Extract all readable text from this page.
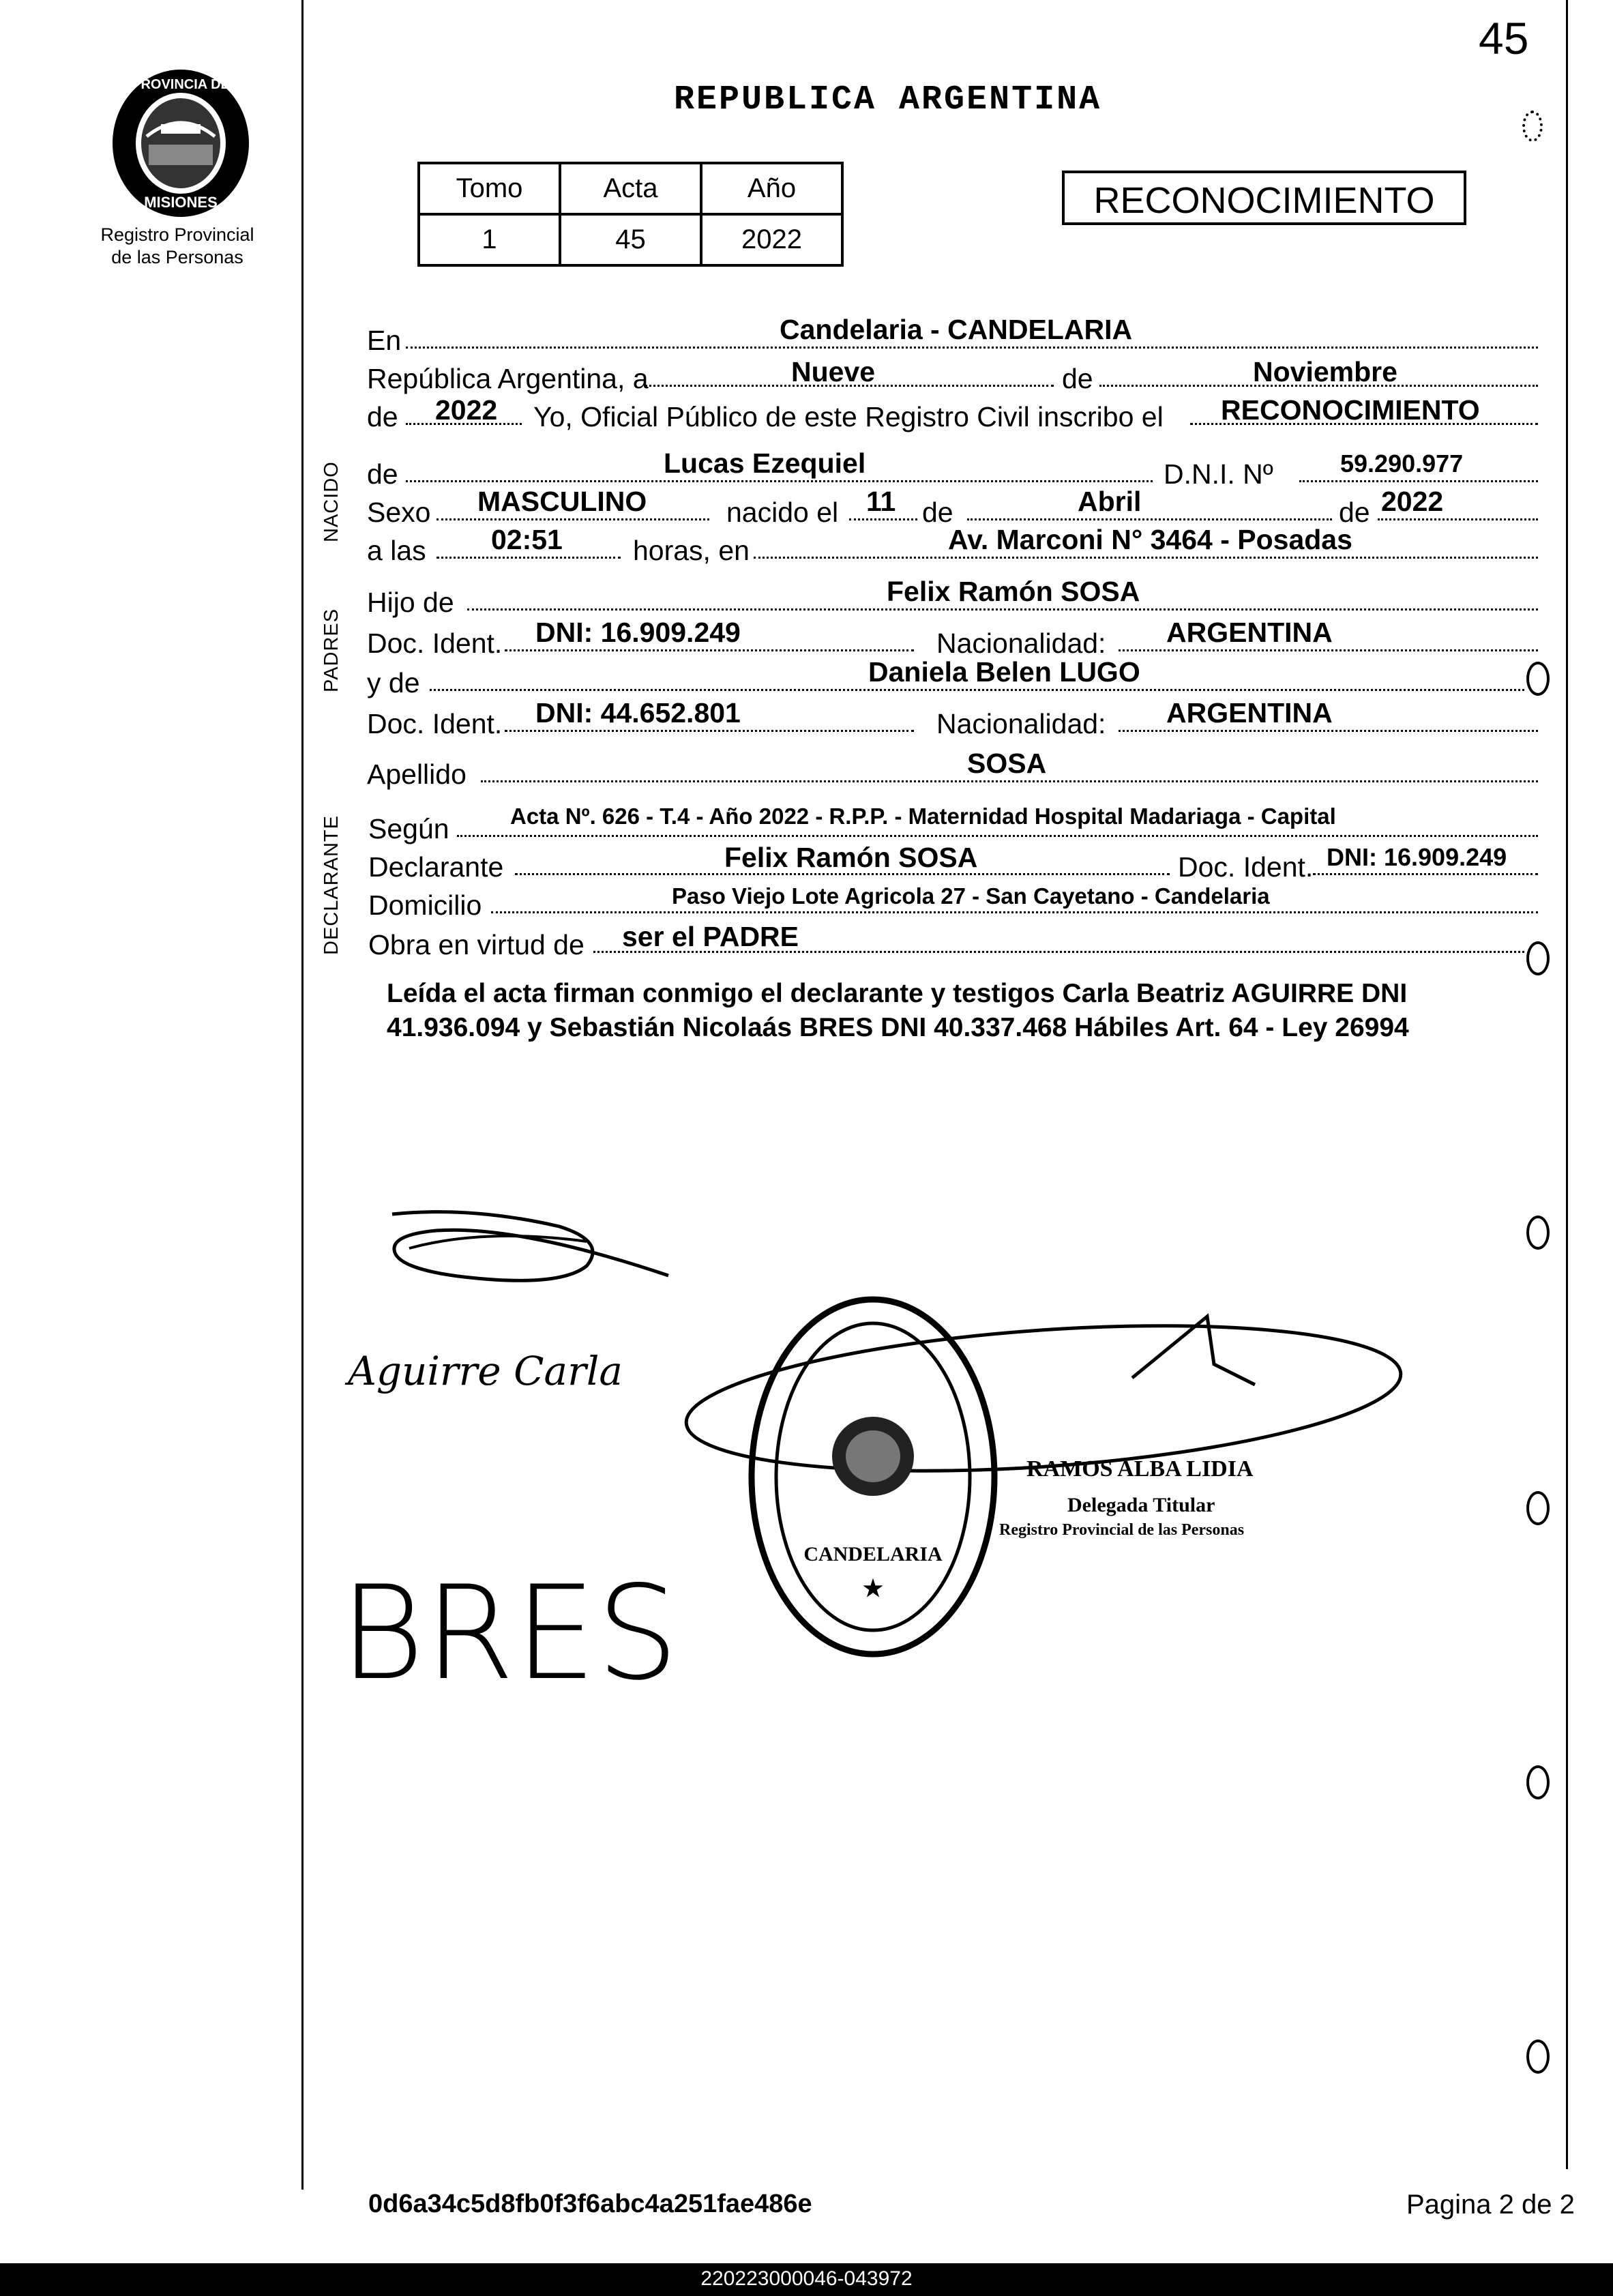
45
PROVINCIA DE
MISIONES
Registro Provincial
de las Personas
REPUBLICA ARGENTINA
Tomo	Acta	Año
1	45	2022
RECONOCIMIENTO
NACIDO
PADRES
DECLARANTE
En	Candelaria - CANDELARIA
República Argentina, a	Nueve	de	Noviembre
de 2022 Yo, Oficial Público de este Registro Civil inscribo el RECONOCIMIENTO
de	Lucas Ezequiel	D.N.I. Nº	59.290.977
Sexo MASCULINO	nacido el 11 de	Abril	de 2022
a las 02:51	horas, en	Av. Marconi N° 3464 - Posadas
Hijo de	Felix Ramón SOSA
Doc. Ident. DNI: 16.909.249	Nacionalidad: ARGENTINA
y de	Daniela Belen LUGO
Doc. Ident. DNI: 44.652.801	Nacionalidad: ARGENTINA
Apellido	SOSA
Según	Acta Nº. 626 - T.4 - Año 2022 - R.P.P. - Maternidad Hospital Madariaga - Capital
Declarante	Felix Ramón SOSA	Doc. Ident. DNI: 16.909.249
Domicilio	Paso Viejo Lote Agricola 27 - San Cayetano - Candelaria
Obra en virtud de ser el PADRE
Leída el acta firman conmigo el declarante y testigos Carla Beatriz AGUIRRE DNI 41.936.094 y Sebastián Nicolaás BRES DNI 40.337.468 Hábiles Art. 64 - Ley 26994
Aguirre Carla
BRES
CANDELARIA
★
DELEGACIÓN DEL REGISTRO PROVINCIAL DE LAS PERSONAS
RAMOS ALBA LIDIA
Delegada Titular
Registro Provincial de las Personas
0d6a34c5d8fb0f3f6abc4a251fae486e	Pagina 2 de 2
220223000046-043972
